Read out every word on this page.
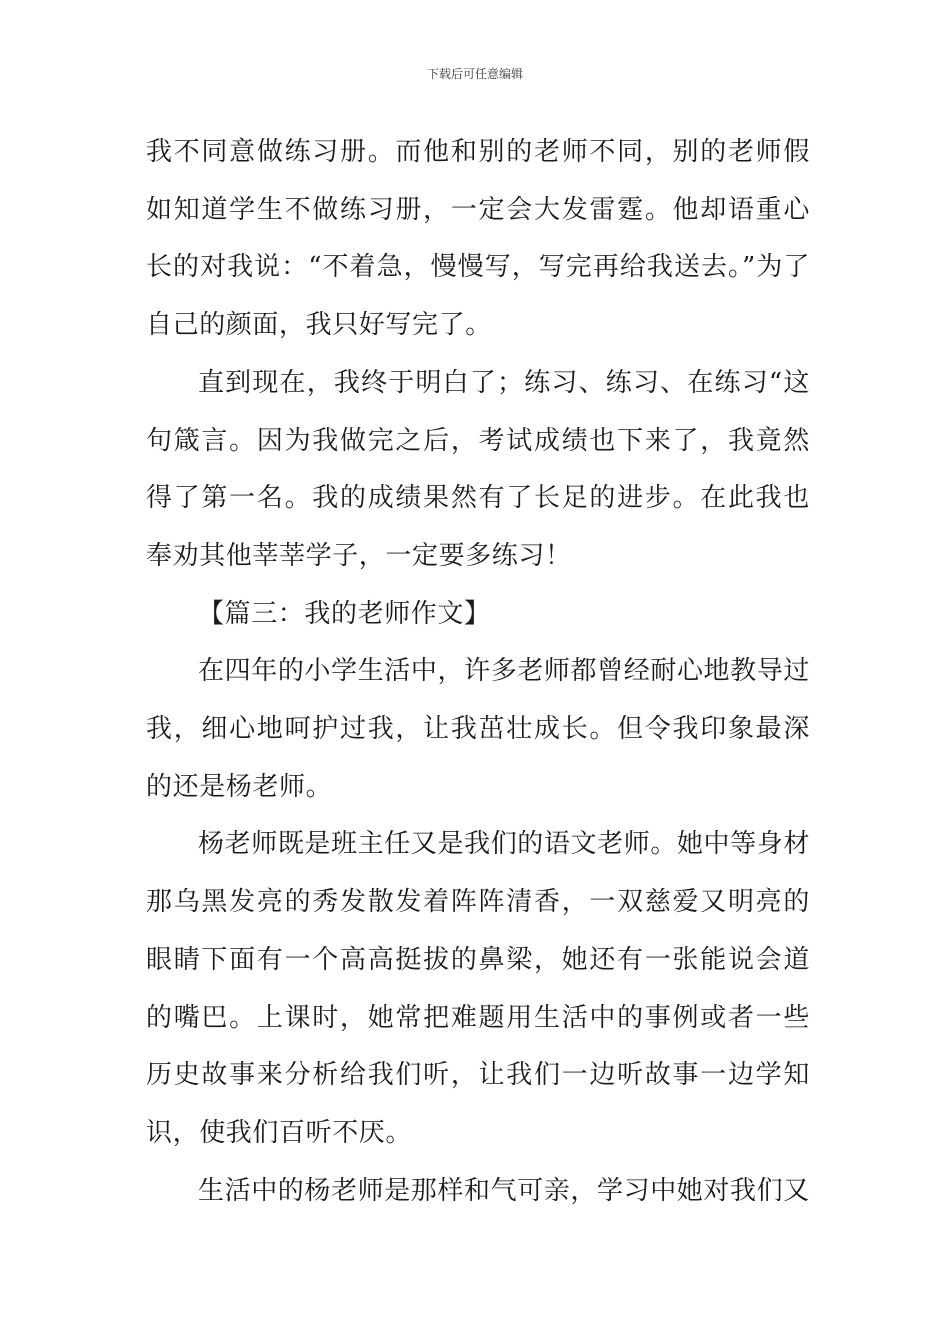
下载后可任意编辑

我不同意做练习册。而他和别的老师不同，别的老师假如知道学生不做练习册，一定会大发雷霆。他却语重心长的对我说：“不着急，慢慢写，写完再给我送去。”为了自己的颜面，我只好写完了。

直到现在，我终于明白了；练习、练习、在练习“这句箴言。因为我做完之后，考试成绩也下来了，我竟然得了第一名。我的成绩果然有了长足的进步。在此我也奉劝其他莘莘学子，一定要多练习！

【篇三：我的老师作文】

在四年的小学生活中，许多老师都曾经耐心地教导过我，细心地呵护过我，让我茁壮成长。但令我印象最深的还是杨老师。

杨老师既是班主任又是我们的语文老师。她中等身材那乌黑发亮的秀发散发着阵阵清香，一双慈爱又明亮的眼睛下面有一个高高挺拔的鼻梁，她还有一张能说会道的嘴巴。上课时，她常把难题用生活中的事例或者一些历史故事来分析给我们听，让我们一边听故事一边学知识，使我们百听不厌。

生活中的杨老师是那样和气可亲，学习中她对我们又
